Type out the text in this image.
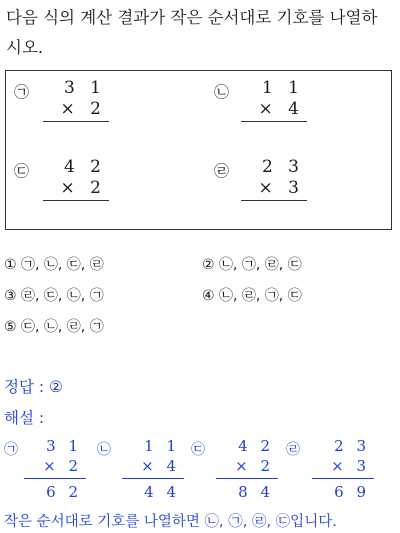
다음 식의 계산 결과가 작은 순서대로 기호를 나열하
시오.
㉠	3 1
× 2
㉡	1 1
× 4
㉢	4 2
× 2
㉣	2 3
× 3
① ㉠, ㉡, ㉢, ㉣	② ㉡, ㉠, ㉣, ㉢
③ ㉣, ㉢, ㉡, ㉠	④ ㉡, ㉣, ㉠, ㉢
⑤ ㉢, ㉡, ㉣, ㉠
정답 : ②
해설 :
㉠	3 1
× 2
6 2
㉡	1 1
× 4
4 4
㉢	4 2
× 2
8 4
㉣	2 3
× 3
6 9
작은 순서대로 기호를 나열하면 ㉡, ㉠, ㉣, ㉢입니다.
